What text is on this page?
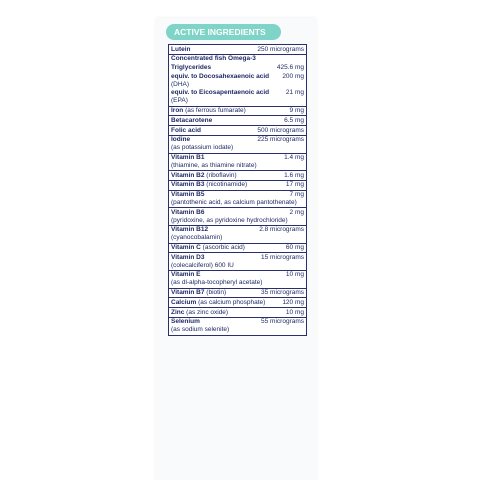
ACTIVE INGREDIENTS
Lutein	250 micrograms
Concentrated fish Omega-3
Triglycerides	425.6 mg
equiv. to Docosahexaenoic acid 200 mg
(DHA)
equiv. to Eicosapentaenoic acid	21 mg
(EPA)
Iron (as ferrous fumarate)	9 mg
Betacarotene	6.5 mg
Folic acid	500 micrograms
Iodine	225 micrograms
(as potassium iodate)
Vitamin B1	1.4 mg
(thiamine, as thiamine nitrate)
Vitamin B2 (riboflavin)	1.6 mg
Vitamin B3 (nicotinamide)	17 mg
Vitamin B5	7 mg
(pantothenic acid, as calcium pantothenate)
Vitamin B6	2 mg
(pyridoxine, as pyridoxine hydrochloride)
Vitamin B12	2.8 micrograms
(cyanocobalamin)
Vitamin C (ascorbic acid)	60 mg
Vitamin D3	15 micrograms
(colecalciferol) 600 IU
Vitamin E	10 mg
(as dl-alpha-tocopheryl acetate)
Vitamin B7 (biotin)	35 micrograms
Calcium (as calcium phosphate)	120 mg
Zinc (as zinc oxide)	10 mg
Selenium	55 micrograms
(as sodium selenite)
